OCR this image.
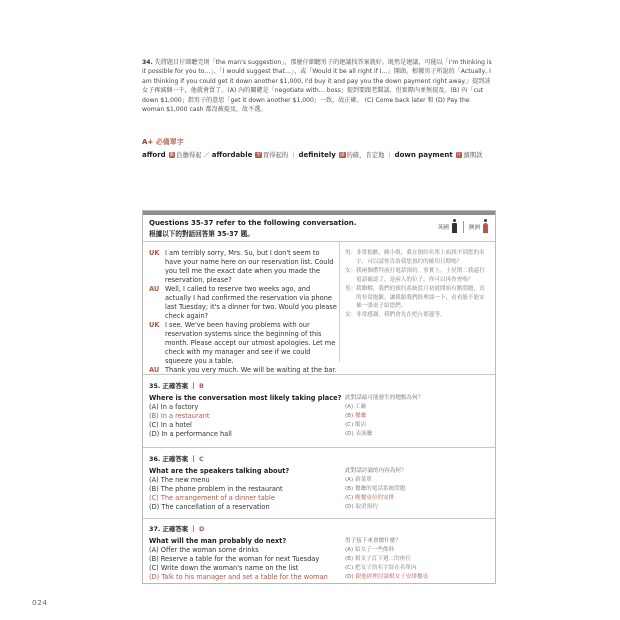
34. 先將題目仔細聽完則「the man's suggestion」，那麼仔細聽男子的建議找答案就好。既然是建議，可能以「I'm thinking is it possible for you to…」、「I would suggest that…」，或「Would it be all right if I…」開頭。根據男子所說的「Actually, I am thinking if you could get it down another $1,000, I'd buy it and pay you the down payment right away.」提到該女子再減個一千，他就會買了。(A) 內的關鍵是「negotiate with… boss」提到要跟老闆談，但實際內並無提及。(B) 內「cut down $1,000」指男子的意思「get it down another $1,000」一致，故正確。 (C) Come back later 和 (D) Pay the woman $1,000 cash 都沒被提及，故不選。
A+ 必備單字
afford 動 負擔得起 ／ affordable 形 買得起的 ｜ definitely 副 的確，肯定地 ｜ down payment 片 頭期款
Questions 35-37 refer to the following conversation.
根據以下的對話回答第 35-37 題。
英國	澳洲
UK I am terribly sorry, Mrs. Su, but I don't seem to have your name here on our reservation list. Could you tell me the exact date when you made the reservation, please?
AU Well, I called to reserve two weeks ago, and actually I had confirmed the reservation via phone last Tuesday; it's a dinner for two. Would you please check again?
UK I see. We've been having problems with our reservation systems since the beginning of this month. Please accept our utmost apologies. Let me check with my manager and see if we could squeeze you a table.
AU Thank you very much. We will be waiting at the bar.
男： 非常抱歉，蘇小姐，我在預約名單上面找不到您的名字，可以請你告訴我您預約的確切日期嗎？
女： 我兩個禮拜前打電話預約，事實上，上星期二我還打電話確認了，是兩人的位子，你可以再查查嗎？
男： 我瞭解，我們的預約系統從月初就開始有點問題，真的非常抱歉，讓我跟我們經理談一下，看看能不能安插一張桌子給您們。
女： 非常感謝，我們會先在吧台那邊等。
35. 正確答案 ｜ B
Where is the conversation most likely taking place?
(A) In a factory
(B) In a restaurant
(C) In a hotel
(D) In a performance hall
此對話最可能發生的地點為何？
(A) 工廠
(B) 餐廳
(C) 飯店
(D) 表演廳
36. 正確答案 ｜ C
What are the speakers talking about?
(A) The new menu
(B) The phone problem in the restaurant
(C) The arrangement of a dinner table
(D) The cancellation of a reservation
此對話討論的內容為何？
(A) 新菜單
(B) 餐廳的電話系統問題
(C) 晚餐桌位的安排
(D) 取消預約
37. 正確答案 ｜ D
What will the man probably do next?
(A) Offer the woman some drinks
(B) Reserve a table for the woman for next Tuesday
(C) Write down the woman's name on the list
(D) Talk to his manager and set a table for the woman
男子接下來會做什麼？
(A) 給女子一些飲料
(B) 幫女子訂下週二的座位
(C) 把女子的名字寫在名單內
(D) 跟他經理討論幫女子安排餐桌
024
